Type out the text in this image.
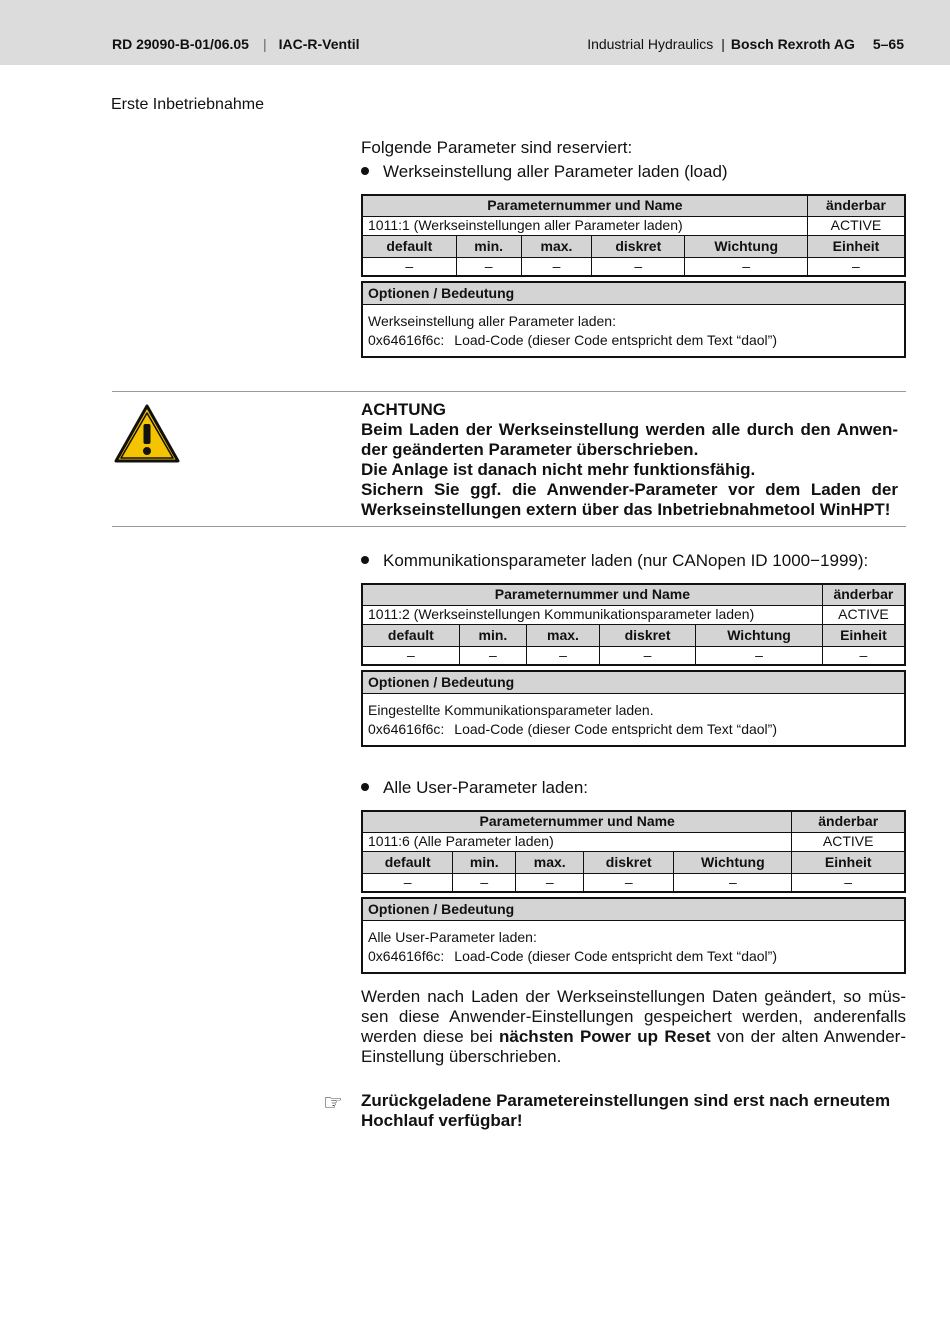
RD 29090-B-01/06.05 | IAC-R-Ventil	Industrial Hydraulics | Bosch Rexroth AG 5–65
Erste Inbetriebnahme
Folgende Parameter sind reserviert:
Werkseinstellung aller Parameter laden (load)
Parameternummer und Name					änderbar
1011:1 (Werkseinstellungen aller Parameter laden)					ACTIVE
default	min.	max.	diskret	Wichtung	Einheit
–	–	–	–	–	–
Optionen / Bedeutung
Werkseinstellung aller Parameter laden:
0x64616f6c: Load-Code (dieser Code entspricht dem Text “daol”)
ACHTUNG
Beim Laden der Werkseinstellung werden alle durch den Anwen-
der geänderten Parameter überschrieben.
Die Anlage ist danach nicht mehr funktionsfähig.
Sichern Sie ggf. die Anwender-Parameter vor dem Laden der
Werkseinstellungen extern über das Inbetriebnahmetool WinHPT!
Kommunikationsparameter laden (nur CANopen ID 1000−1999):
Parameternummer und Name					änderbar
1011:2 (Werkseinstellungen Kommunikationsparameter laden)					ACTIVE
default	min.	max.	diskret	Wichtung	Einheit
–	–	–	–	–	–
Optionen / Bedeutung
Eingestellte Kommunikationsparameter laden.
0x64616f6c: Load-Code (dieser Code entspricht dem Text “daol”)
Alle User-Parameter laden:
Parameternummer und Name					änderbar
1011:6 (Alle Parameter laden)					ACTIVE
default	min.	max.	diskret	Wichtung	Einheit
–	–	–	–	–	–
Optionen / Bedeutung
Alle User-Parameter laden:
0x64616f6c: Load-Code (dieser Code entspricht dem Text “daol”)
Werden nach Laden der Werkseinstellungen Daten geändert, so müs-sen diese Anwender-Einstellungen gespeichert werden, anderenfalls werden diese bei nächsten Power up Reset von der alten Anwender-Einstellung überschrieben.
☞ Zurückgeladene Parametereinstellungen sind erst nach erneutem Hochlauf verfügbar!
